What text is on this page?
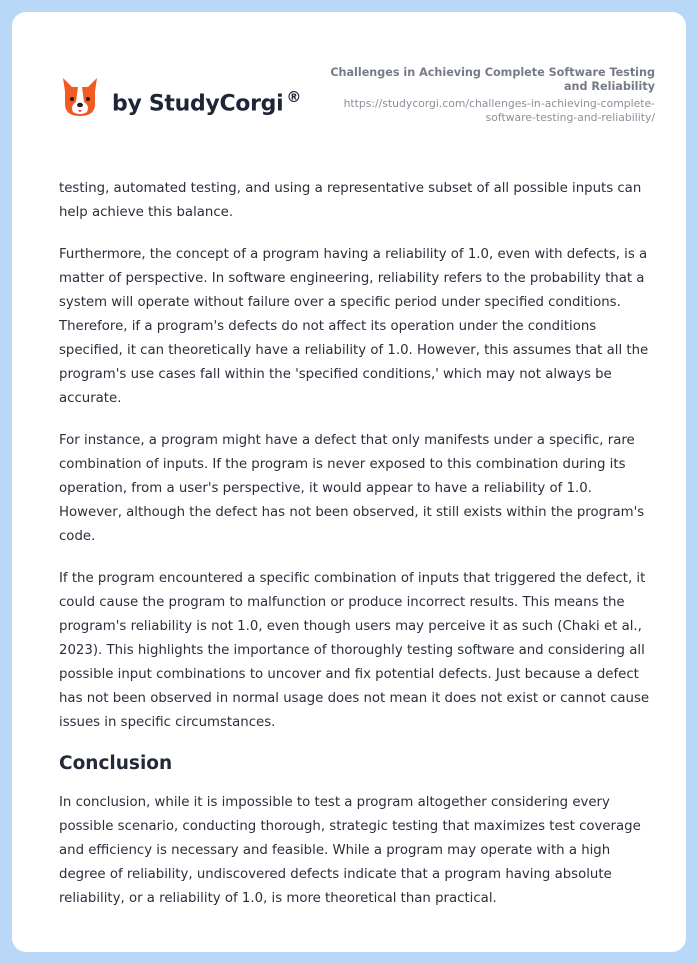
by StudyCorgi ®
Challenges in Achieving Complete Software Testing and Reliability
https://studycorgi.com/challenges-in-achieving-complete-software-testing-and-reliability/

testing, automated testing, and using a representative subset of all possible inputs can help achieve this balance.

Furthermore, the concept of a program having a reliability of 1.0, even with defects, is a matter of perspective. In software engineering, reliability refers to the probability that a system will operate without failure over a specific period under specified conditions. Therefore, if a program's defects do not affect its operation under the conditions specified, it can theoretically have a reliability of 1.0. However, this assumes that all the program's use cases fall within the 'specified conditions,' which may not always be accurate.

For instance, a program might have a defect that only manifests under a specific, rare combination of inputs. If the program is never exposed to this combination during its operation, from a user's perspective, it would appear to have a reliability of 1.0. However, although the defect has not been observed, it still exists within the program's code.

If the program encountered a specific combination of inputs that triggered the defect, it could cause the program to malfunction or produce incorrect results. This means the program's reliability is not 1.0, even though users may perceive it as such (Chaki et al., 2023). This highlights the importance of thoroughly testing software and considering all possible input combinations to uncover and fix potential defects. Just because a defect has not been observed in normal usage does not mean it does not exist or cannot cause issues in specific circumstances.

Conclusion

In conclusion, while it is impossible to test a program altogether considering every possible scenario, conducting thorough, strategic testing that maximizes test coverage and efficiency is necessary and feasible. While a program may operate with a high degree of reliability, undiscovered defects indicate that a program having absolute reliability, or a reliability of 1.0, is more theoretical than practical.
